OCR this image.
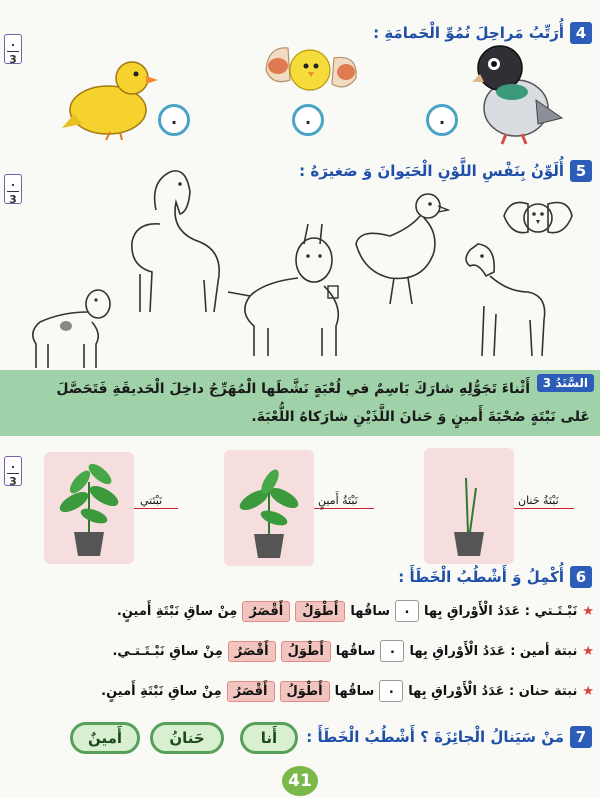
.
3
4
أُرَتِّبُ مَراحِلَ نُمُوِّ الْحَمامَةِ :
.	.	.
.
3
5
أُلَوِّنُ بِنَفْسِ اللَّوْنِ الْحَيَوانَ وَ صَغيرَهُ :
السَّنَدُ 3
أَثْناءَ تَجَوُّلِهِ شارَكَ بَاسِمٌ في لُعْبَةٍ نَشَّطَها الْمُهَرِّجُ داخِلَ الْحَديقَةِ فَتَحَصَّلَ
عَلى نَبْتَةٍ صُحْبَةَ أَمينٍ وَ حَنانَ اللَّذَيْنِ شارَكاهُ اللُّعْبَةَ.
.
3
نَبْتَتي	نَبْتَةُ أَمينٍ	نَبْتَةُ حَنان
6
أُكْمِلُ وَ أَشْطُبُ الْخَطَأَ :
★
نَبْـتَـتي : عَدَدُ الْأَوْراقِ بِها
.
ساقُها
أَطْوَلُ
أَقْصَرُ
مِنْ ساقِ نَبْتَةِ أَمينٍ.
★
نبتة أمين : عَدَدُ الْأَوْراقِ بِها
.
ساقُها
أَطْوَلُ
أَقْصَرُ
مِنْ ساقِ نَبْـتَـتـي.
★
نبتة حنان : عَدَدُ الْأَوْراقِ بِها
.
ساقُها
أَطْوَلُ
أَقْصَرُ
مِنْ ساقِ نَبْتَةِ أَمينٍ.
7
مَنْ سَيَنالُ الْجائِزَةَ ؟ أَشْطُبُ الْخَطَأَ :
أَنا
حَنانُ
أَمينٌ
41
